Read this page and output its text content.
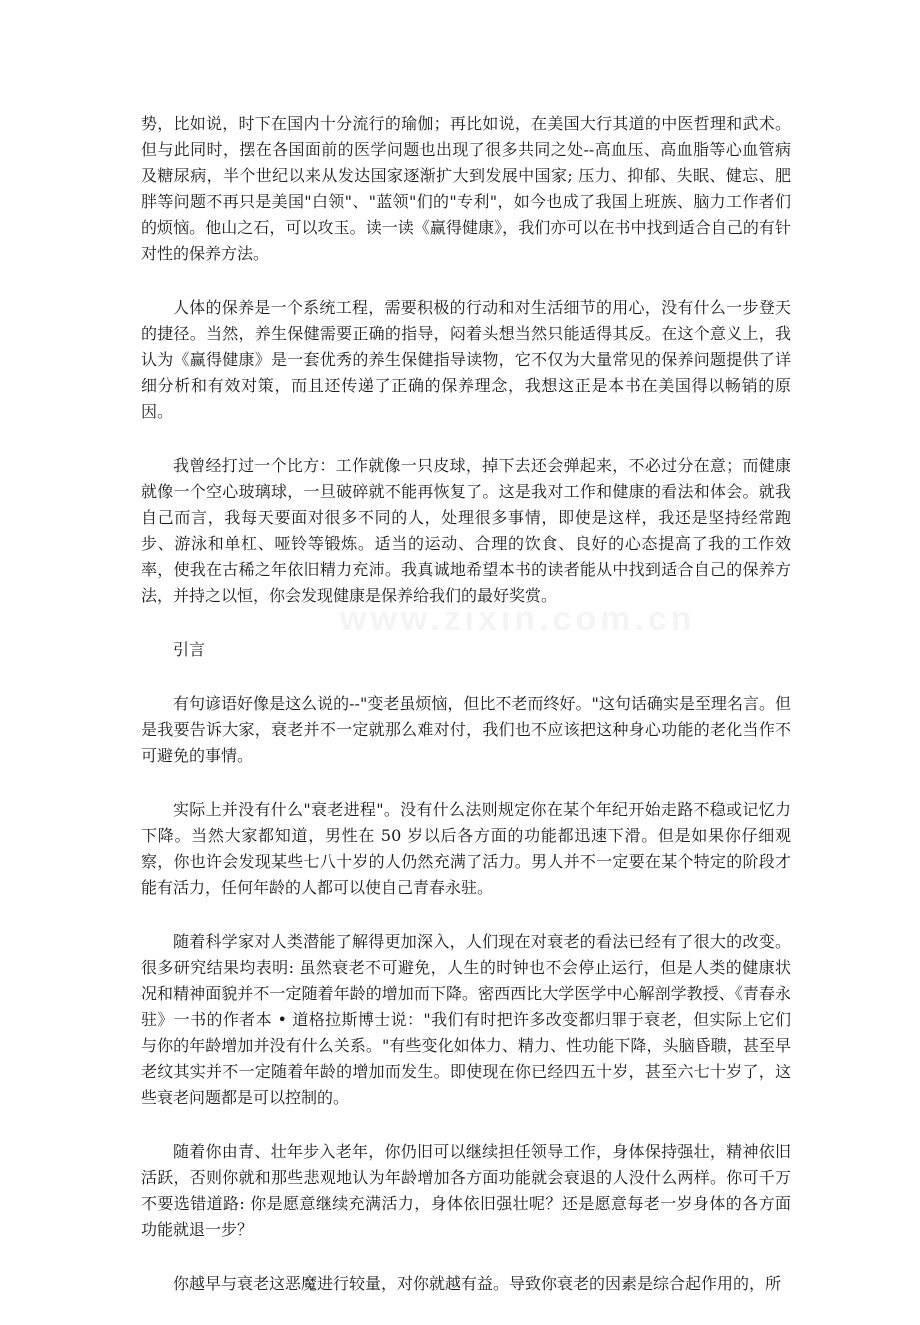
势，比如说，时下在国内十分流行的瑜伽；再比如说，在美国大行其道的中医哲理和武术。但与此同时，摆在各国面前的医学问题也出现了很多共同之处--高血压、高血脂等心血管病及糖尿病，半个世纪以来从发达国家逐渐扩大到发展中国家; 压力、抑郁、失眠、健忘、肥胖等问题不再只是美国"白领"、"蓝领"们的"专利"，如今也成了我国上班族、脑力工作者们的烦恼。他山之石，可以攻玉。读一读《赢得健康》，我们亦可以在书中找到适合自己的有针对性的保养方法。

人体的保养是一个系统工程，需要积极的行动和对生活细节的用心，没有什么一步登天的捷径。当然，养生保健需要正确的指导，闷着头想当然只能适得其反。在这个意义上，我认为《赢得健康》是一套优秀的养生保健指导读物，它不仅为大量常见的保养问题提供了详细分析和有效对策，而且还传递了正确的保养理念，我想这正是本书在美国得以畅销的原因。

我曾经打过一个比方：工作就像一只皮球，掉下去还会弹起来，不必过分在意；而健康就像一个空心玻璃球，一旦破碎就不能再恢复了。这是我对工作和健康的看法和体会。就我自己而言，我每天要面对很多不同的人，处理很多事情，即使是这样，我还是坚持经常跑步、游泳和单杠、哑铃等锻炼。适当的运动、合理的饮食、良好的心态提高了我的工作效率，使我在古稀之年依旧精力充沛。我真诚地希望本书的读者能从中找到适合自己的保养方法，并持之以恒，你会发现健康是保养给我们的最好奖赏。

引言

有句谚语好像是这么说的--"变老虽烦恼，但比不老而终好。"这句话确实是至理名言。但是我要告诉大家，衰老并不一定就那么难对付，我们也不应该把这种身心功能的老化当作不可避免的事情。

实际上并没有什么"衰老进程"。没有什么法则规定你在某个年纪开始走路不稳或记忆力下降。当然大家都知道，男性在 50 岁以后各方面的功能都迅速下滑。但是如果你仔细观察，你也许会发现某些七八十岁的人仍然充满了活力。男人并不一定要在某个特定的阶段才能有活力，任何年龄的人都可以使自己青春永驻。

随着科学家对人类潜能了解得更加深入，人们现在对衰老的看法已经有了很大的改变。很多研究结果均表明: 虽然衰老不可避免，人生的时钟也不会停止运行，但是人类的健康状况和精神面貌并不一定随着年龄的增加而下降。密西西比大学医学中心解剖学教授、《青春永驻》一书的作者本 • 道格拉斯博士说："我们有时把许多改变都归罪于衰老，但实际上它们与你的年龄增加并没有什么关系。"有些变化如体力、精力、性功能下降，头脑昏聩，甚至早老纹其实并不一定随着年龄的增加而发生。即使现在你已经四五十岁，甚至六七十岁了，这些衰老问题都是可以控制的。

随着你由青、壮年步入老年，你仍旧可以继续担任领导工作，身体保持强壮，精神依旧活跃，否则你就和那些悲观地认为年龄增加各方面功能就会衰退的人没什么两样。你可千万不要选错道路: 你是愿意继续充满活力，身体依旧强壮呢？还是愿意每老一岁身体的各方面功能就退一步？

你越早与衰老这恶魔进行较量，对你就越有益。导致你衰老的因素是综合起作用的，所
